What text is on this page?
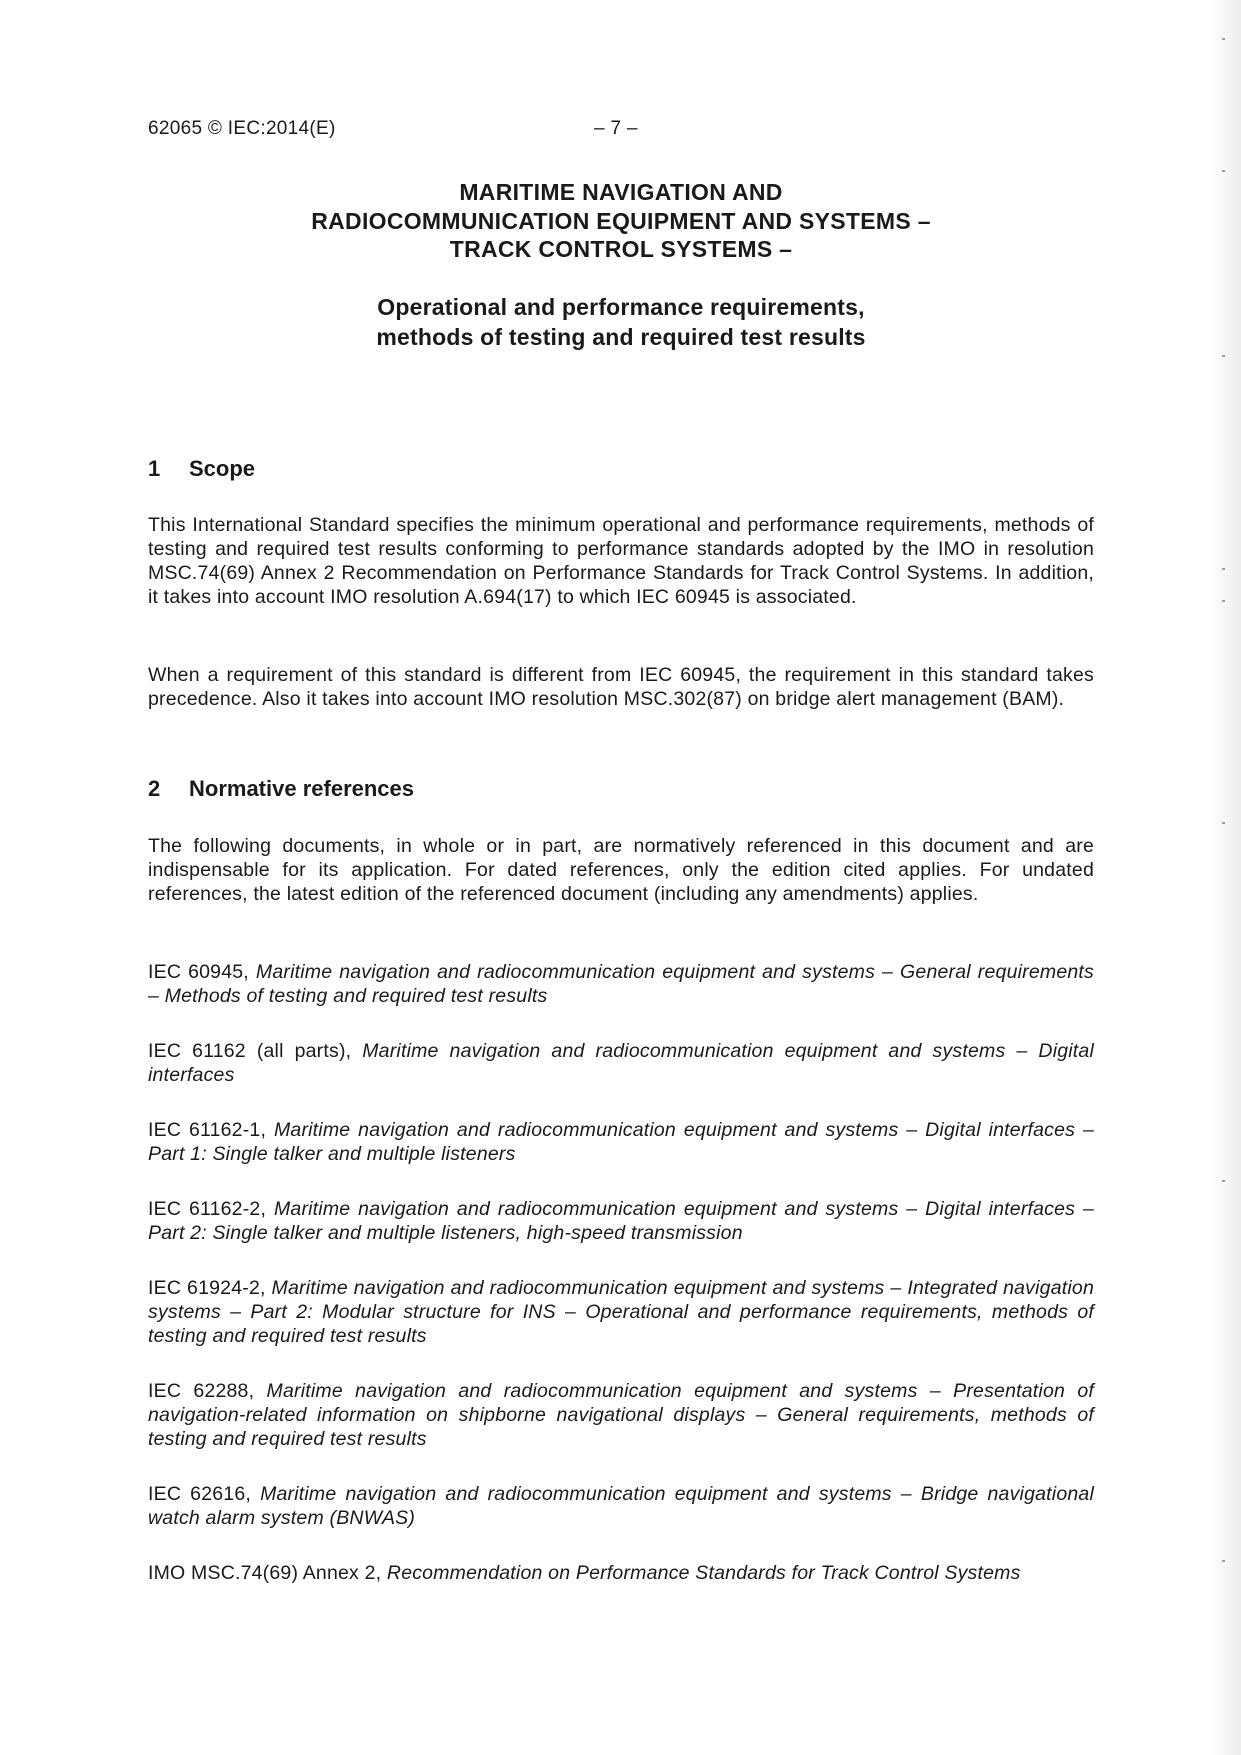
62065 © IEC:2014(E)	– 7 –
MARITIME NAVIGATION AND
RADIOCOMMUNICATION EQUIPMENT AND SYSTEMS –
TRACK CONTROL SYSTEMS –
Operational and performance requirements,
methods of testing and required test results
1 Scope
This International Standard specifies the minimum operational and performance requirements, methods of testing and required test results conforming to performance standards adopted by the IMO in resolution MSC.74(69) Annex 2 Recommendation on Performance Standards for Track Control Systems. In addition, it takes into account IMO resolution A.694(17) to which IEC 60945 is associated.
When a requirement of this standard is different from IEC 60945, the requirement in this standard takes precedence. Also it takes into account IMO resolution MSC.302(87) on bridge alert management (BAM).
2 Normative references
The following documents, in whole or in part, are normatively referenced in this document and are indispensable for its application. For dated references, only the edition cited applies. For undated references, the latest edition of the referenced document (including any amendments) applies.
IEC 60945, Maritime navigation and radiocommunication equipment and systems – General requirements – Methods of testing and required test results
IEC 61162 (all parts), Maritime navigation and radiocommunication equipment and systems – Digital interfaces
IEC 61162-1, Maritime navigation and radiocommunication equipment and systems – Digital interfaces – Part 1: Single talker and multiple listeners
IEC 61162-2, Maritime navigation and radiocommunication equipment and systems – Digital interfaces – Part 2: Single talker and multiple listeners, high-speed transmission
IEC 61924-2, Maritime navigation and radiocommunication equipment and systems – Integrated navigation systems – Part 2: Modular structure for INS – Operational and performance requirements, methods of testing and required test results
IEC 62288, Maritime navigation and radiocommunication equipment and systems – Presentation of navigation-related information on shipborne navigational displays – General requirements, methods of testing and required test results
IEC 62616, Maritime navigation and radiocommunication equipment and systems – Bridge navigational watch alarm system (BNWAS)
IMO MSC.74(69) Annex 2, Recommendation on Performance Standards for Track Control Systems
